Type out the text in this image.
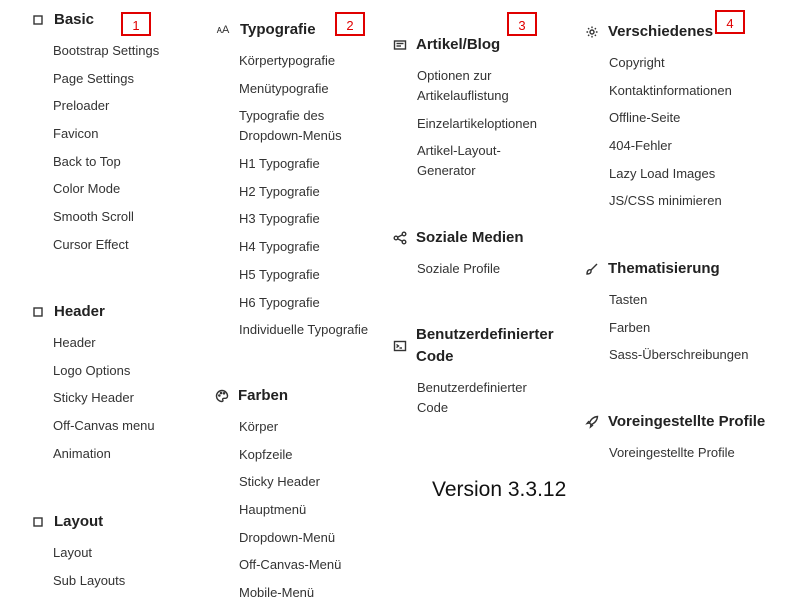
Basic
Bootstrap Settings
Page Settings
Preloader
Favicon
Back to Top
Color Mode
Smooth Scroll
Cursor Effect
Header
Header
Logo Options
Sticky Header
Off-Canvas menu
Animation
Layout
Layout
Sub Layouts
ᴀA Typografie
Körpertypografie
Menütypografie
Typografie des Dropdown-Menüs
H1 Typografie
H2 Typografie
H3 Typografie
H4 Typografie
H5 Typografie
H6 Typografie
Individuelle Typografie
Farben
Körper
Kopfzeile
Sticky Header
Hauptmenü
Dropdown-Menü
Off-Canvas-Menü
Mobile-Menü
Artikel/Blog
Optionen zur Artikelauflistung
Einzelartikeloptionen
Artikel-Layout-Generator
Soziale Medien
Soziale Profile
Benutzerdefinierter Code
Benutzerdefinierter Code
Verschiedenes
Copyright
Kontaktinformationen
Offline-Seite
404-Fehler
Lazy Load Images
JS/CSS minimieren
Thematisierung
Tasten
Farben
Sass-Überschreibungen
Voreingestellte Profile
Voreingestellte Profile
1	2	3	4
Version 3.3.12
